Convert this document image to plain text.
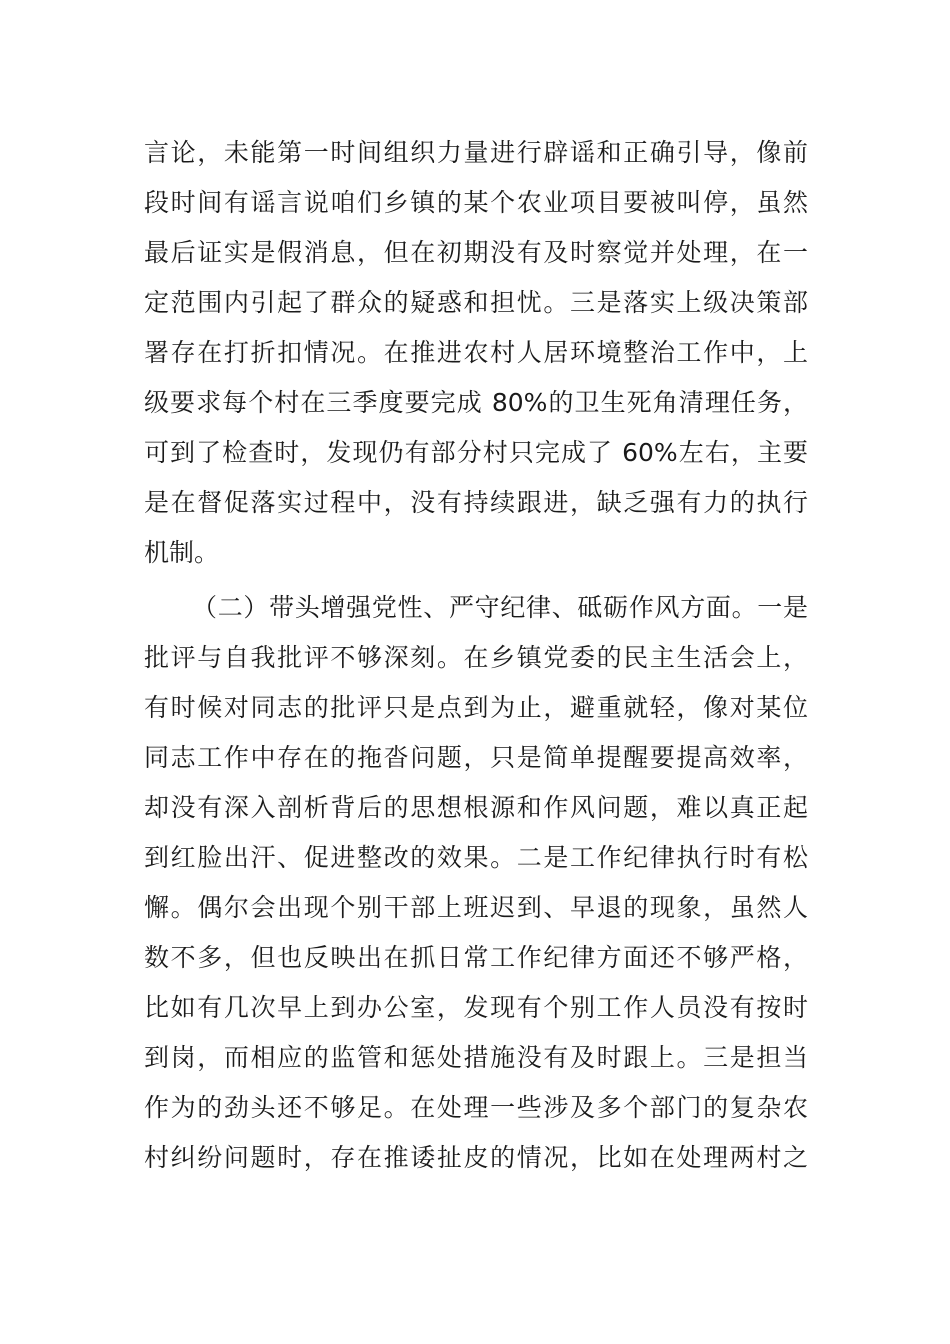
言论，未能第一时间组织力量进行辟谣和正确引导，像前
段时间有谣言说咱们乡镇的某个农业项目要被叫停，虽然
最后证实是假消息，但在初期没有及时察觉并处理，在一
定范围内引起了群众的疑惑和担忧。三是落实上级决策部
署存在打折扣情况。在推进农村人居环境整治工作中，上
级要求每个村在三季度要完成 80%的卫生死角清理任务，
可到了检查时，发现仍有部分村只完成了 60%左右，主要
是在督促落实过程中，没有持续跟进，缺乏强有力的执行
机制。
（二）带头增强党性、严守纪律、砥砺作风方面。一是
批评与自我批评不够深刻。在乡镇党委的民主生活会上，
有时候对同志的批评只是点到为止，避重就轻，像对某位
同志工作中存在的拖沓问题，只是简单提醒要提高效率，
却没有深入剖析背后的思想根源和作风问题，难以真正起
到红脸出汗、促进整改的效果。二是工作纪律执行时有松
懈。偶尔会出现个别干部上班迟到、早退的现象，虽然人
数不多，但也反映出在抓日常工作纪律方面还不够严格，
比如有几次早上到办公室，发现有个别工作人员没有按时
到岗，而相应的监管和惩处措施没有及时跟上。三是担当
作为的劲头还不够足。在处理一些涉及多个部门的复杂农
村纠纷问题时，存在推诿扯皮的情况，比如在处理两村之
